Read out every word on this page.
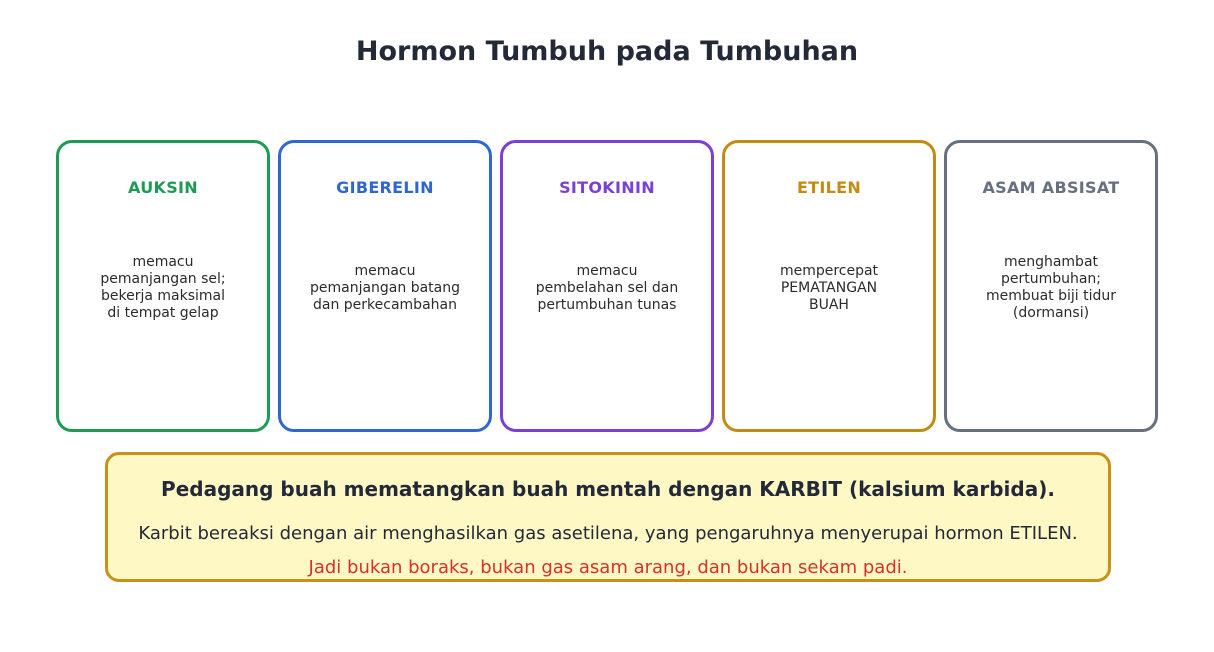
Hormon Tumbuh pada Tumbuhan
AUKSIN
memacu
pemanjangan sel;
bekerja maksimal
di tempat gelap
GIBERELIN
memacu
pemanjangan batang
dan perkecambahan
SITOKININ
memacu
pembelahan sel dan
pertumbuhan tunas
ETILEN
mempercepat
PEMATANGAN
BUAH
ASAM ABSISAT
menghambat
pertumbuhan;
membuat biji tidur
(dormansi)
Pedagang buah mematangkan buah mentah dengan KARBIT (kalsium karbida).
Karbit bereaksi dengan air menghasilkan gas asetilena, yang pengaruhnya menyerupai hormon ETILEN.
Jadi bukan boraks, bukan gas asam arang, dan bukan sekam padi.
